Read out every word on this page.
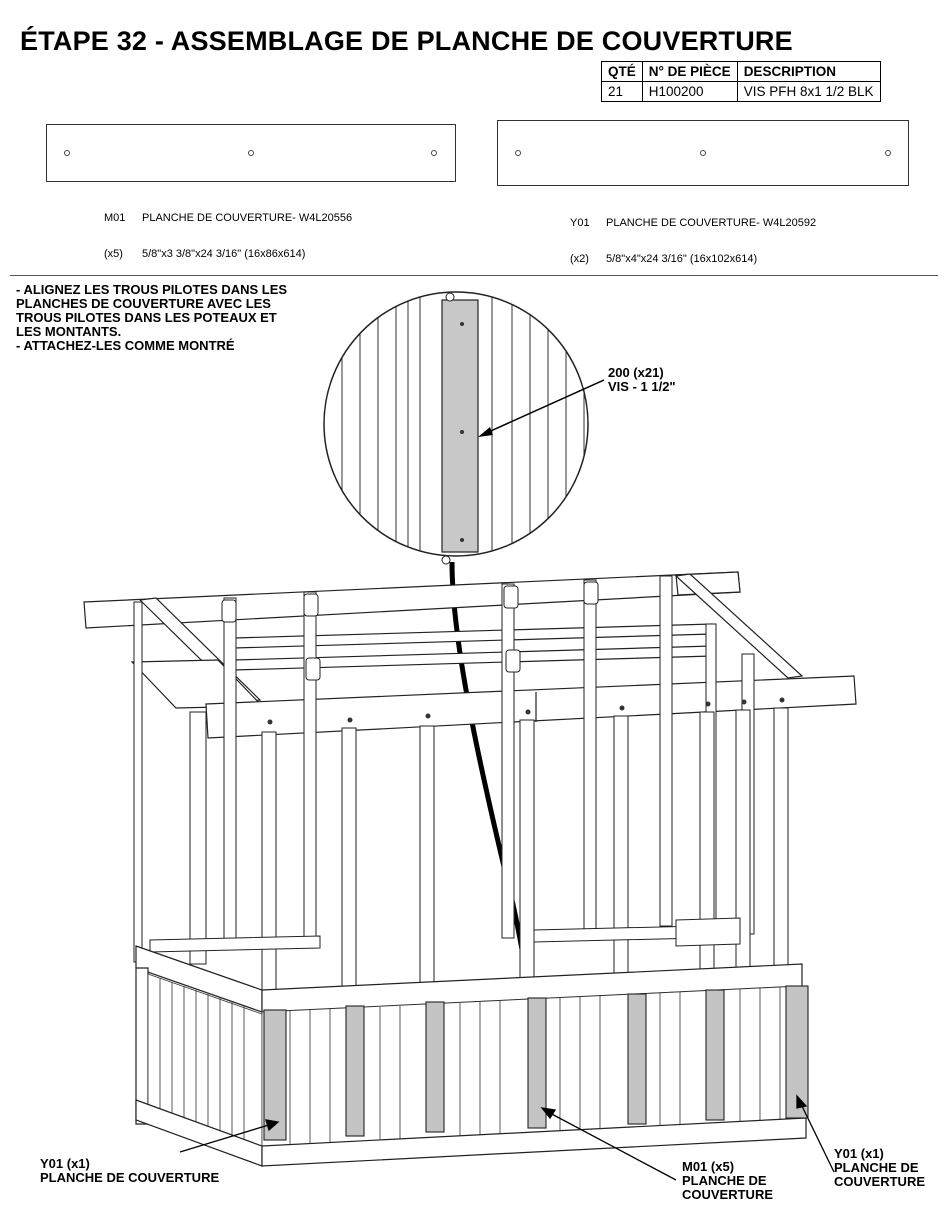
ÉTAPE 32 - ASSEMBLAGE DE PLANCHE DE COUVERTURE
QTÉ	N° DE PIÈCE	DESCRIPTION
21	H100200	VIS PFH 8x1 1/2 BLK

M01 PLANCHE DE COUVERTURE- W4L20556

(x5) 5/8"x3 3/8"x24 3/16" (16x86x614)

Y01 PLANCHE DE COUVERTURE- W4L20592

(x2) 5/8"x4"x24 3/16" (16x102x614)

- ALIGNEZ LES TROUS PILOTES DANS LES
PLANCHES DE COUVERTURE AVEC LES
TROUS PILOTES DANS LES POTEAUX ET
LES MONTANTS.
- ATTACHEZ-LES COMME MONTRÉ
200 (x21)
VIS - 1 1/2"
Y01 (x1)
PLANCHE DE COUVERTURE
M01 (x5)
PLANCHE DE
COUVERTURE
Y01 (x1)
PLANCHE DE
COUVERTURE
